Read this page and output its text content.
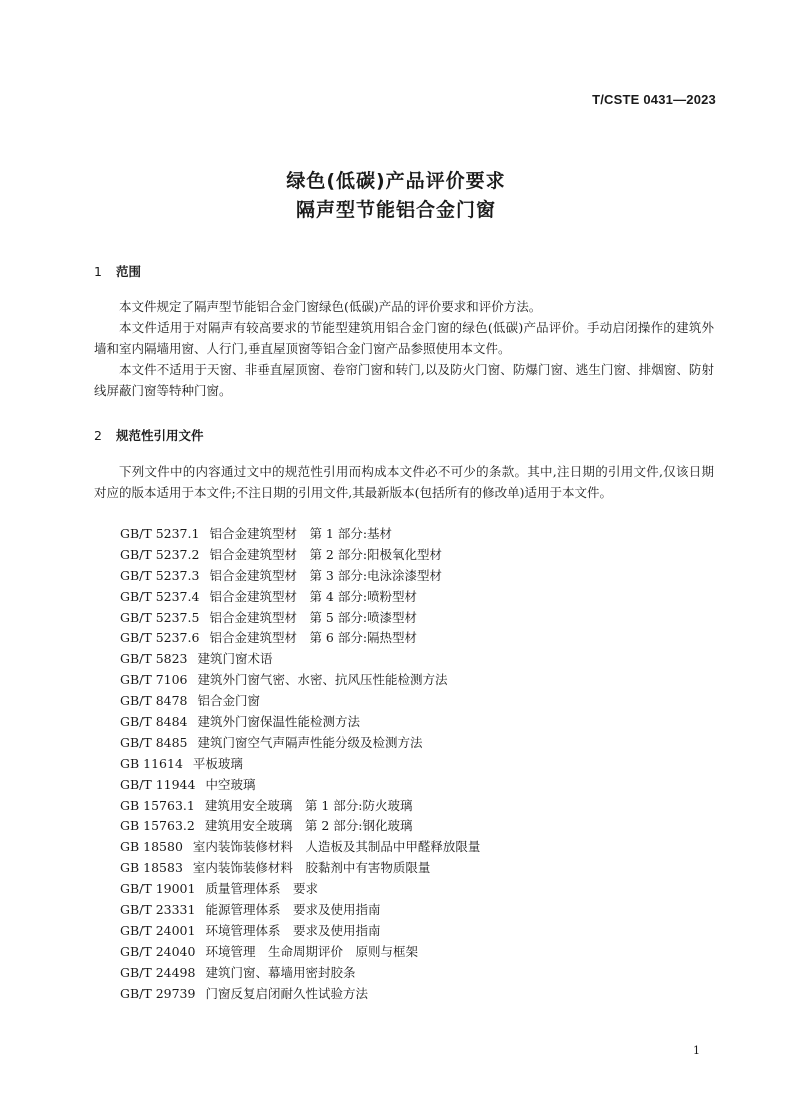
T/CSTE 0431—2023
绿色(低碳)产品评价要求
隔声型节能铝合金门窗
1 范围
本文件规定了隔声型节能铝合金门窗绿色(低碳)产品的评价要求和评价方法。
本文件适用于对隔声有较高要求的节能型建筑用铝合金门窗的绿色(低碳)产品评价。手动启闭操作的建筑外墙和室内隔墙用窗、人行门,垂直屋顶窗等铝合金门窗产品参照使用本文件。
本文件不适用于天窗、非垂直屋顶窗、卷帘门窗和转门,以及防火门窗、防爆门窗、逃生门窗、排烟窗、防射线屏蔽门窗等特种门窗。
2 规范性引用文件
下列文件中的内容通过文中的规范性引用而构成本文件必不可少的条款。其中,注日期的引用文件,仅该日期对应的版本适用于本文件;不注日期的引用文件,其最新版本(包括所有的修改单)适用于本文件。
GB/T 5237.1 铝合金建筑型材　第 1 部分:基材
GB/T 5237.2 铝合金建筑型材　第 2 部分:阳极氧化型材
GB/T 5237.3 铝合金建筑型材　第 3 部分:电泳涂漆型材
GB/T 5237.4 铝合金建筑型材　第 4 部分:喷粉型材
GB/T 5237.5 铝合金建筑型材　第 5 部分:喷漆型材
GB/T 5237.6 铝合金建筑型材　第 6 部分:隔热型材
GB/T 5823 建筑门窗术语
GB/T 7106 建筑外门窗气密、水密、抗风压性能检测方法
GB/T 8478 铝合金门窗
GB/T 8484 建筑外门窗保温性能检测方法
GB/T 8485 建筑门窗空气声隔声性能分级及检测方法
GB 11614 平板玻璃
GB/T 11944 中空玻璃
GB 15763.1 建筑用安全玻璃　第 1 部分:防火玻璃
GB 15763.2 建筑用安全玻璃　第 2 部分:钢化玻璃
GB 18580 室内装饰装修材料　人造板及其制品中甲醛释放限量
GB 18583 室内装饰装修材料　胶黏剂中有害物质限量
GB/T 19001 质量管理体系　要求
GB/T 23331 能源管理体系　要求及使用指南
GB/T 24001 环境管理体系　要求及使用指南
GB/T 24040 环境管理　生命周期评价　原则与框架
GB/T 24498 建筑门窗、幕墙用密封胶条
GB/T 29739 门窗反复启闭耐久性试验方法
1
